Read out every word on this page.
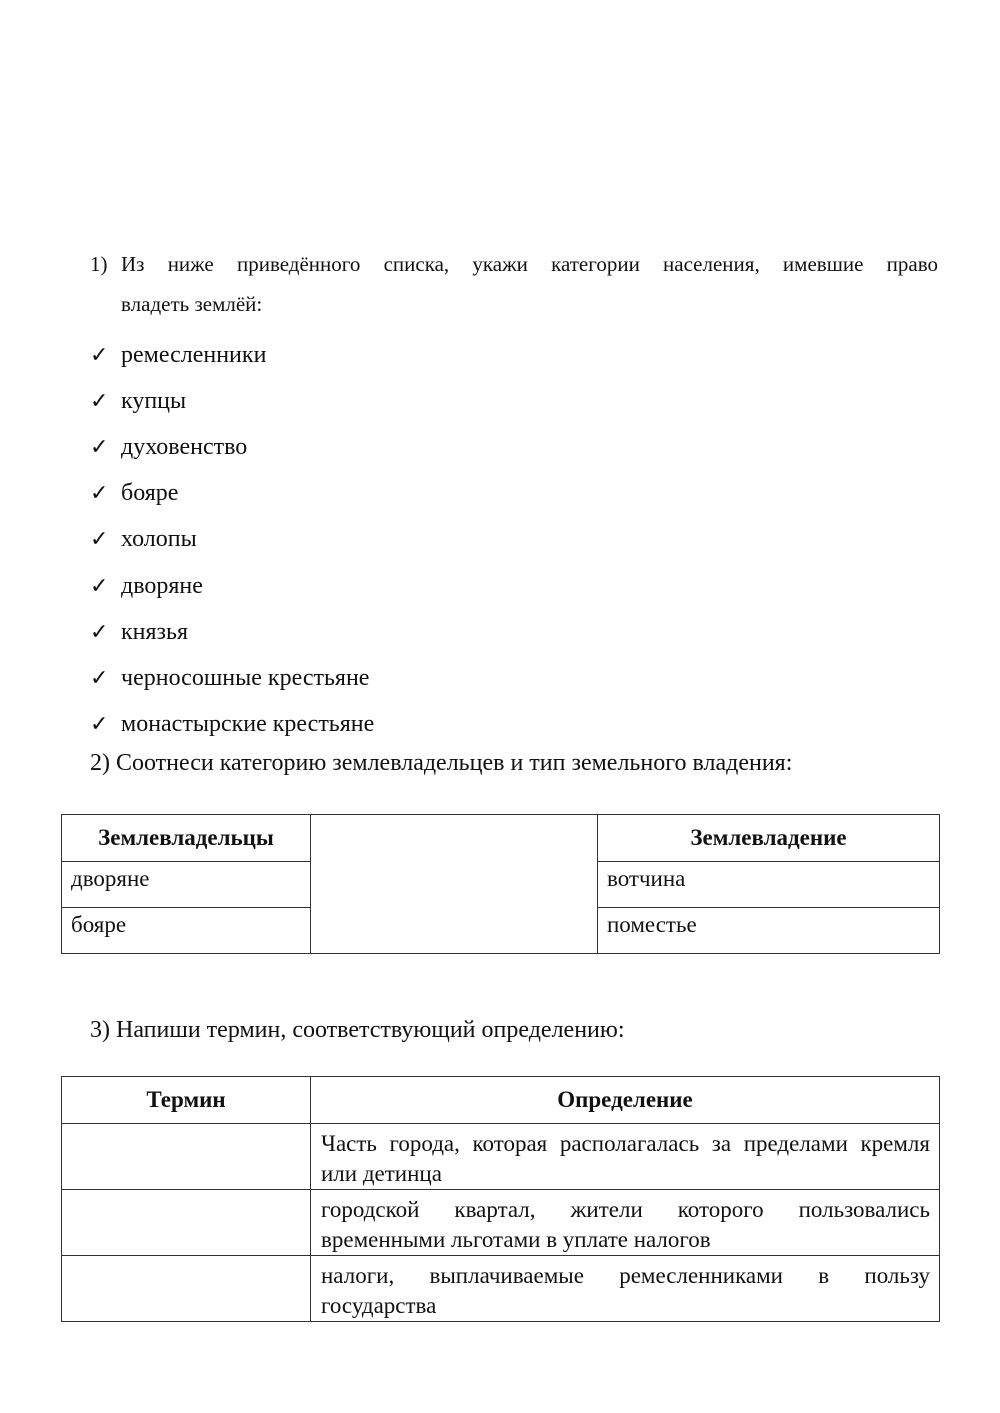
1) Из ниже приведённого списка, укажи категории населения, имевшие право
владеть землёй:
✓ ремесленники
✓ купцы
✓ духовенство
✓ бояре
✓ холопы
✓ дворяне
✓ князья
✓ черносошные крестьяне
✓ монастырские крестьяне
2) Соотнеси категорию землевладельцев и тип земельного владения:
Землевладельцы		Землевладение
дворяне		вотчина
бояре		поместье
3) Напиши термин, соответствующий определению:
Термин	Определение
	Часть города, которая располагалась за пределами кремля или детинца
	городской квартал, жители которого пользовались временными льготами в уплате налогов
	налоги, выплачиваемые ремесленниками в пользу государства
